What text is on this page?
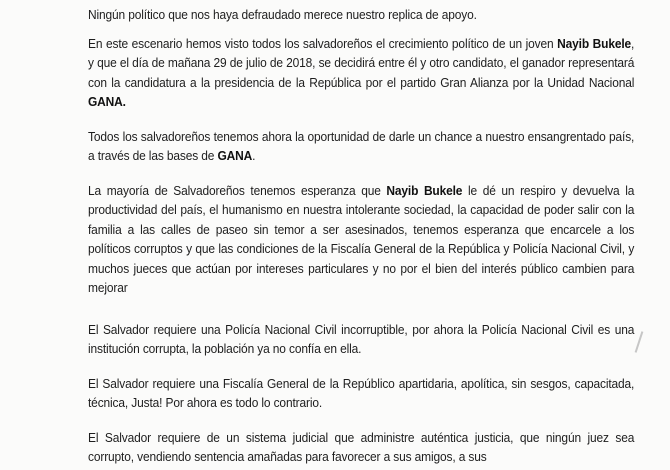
Ningún político que nos haya defraudado merece nuestro replica de apoyo.

En este escenario hemos visto todos los salvadoreños el crecimiento político de un joven Nayib Bukele, y que el día de mañana 29 de julio de 2018, se decidirá entre él y otro candidato, el ganador representará con la candidatura a la presidencia de la República por el partido Gran Alianza por la Unidad Nacional GANA.

Todos los salvadoreños tenemos ahora la oportunidad de darle un chance a nuestro ensangrentado país, a través de las bases de GANA.

La mayoría de Salvadoreños tenemos esperanza que Nayib Bukele le dé un respiro y devuelva la productividad del país, el humanismo en nuestra intolerante sociedad, la capacidad de poder salir con la familia a las calles de paseo sin temor a ser asesinados, tenemos esperanza que encarcele a los políticos corruptos y que las condiciones de la Fiscalía General de la República y Policía Nacional Civil, y muchos jueces que actúan por intereses particulares y no por el bien del interés público cambien para mejorar

El Salvador requiere una Policía Nacional Civil incorruptible, por ahora la Policía Nacional Civil es una institución corrupta, la población ya no confía en ella.

El Salvador requiere una Fiscalía General de la Repúblico apartidaria, apolítica, sin sesgos, capacitada, técnica, Justa! Por ahora es todo lo contrario.

El Salvador requiere de un sistema judicial que administre auténtica justicia, que ningún juez sea corrupto, vendiendo sentencia amañadas para favorecer a sus amigos, a sus
